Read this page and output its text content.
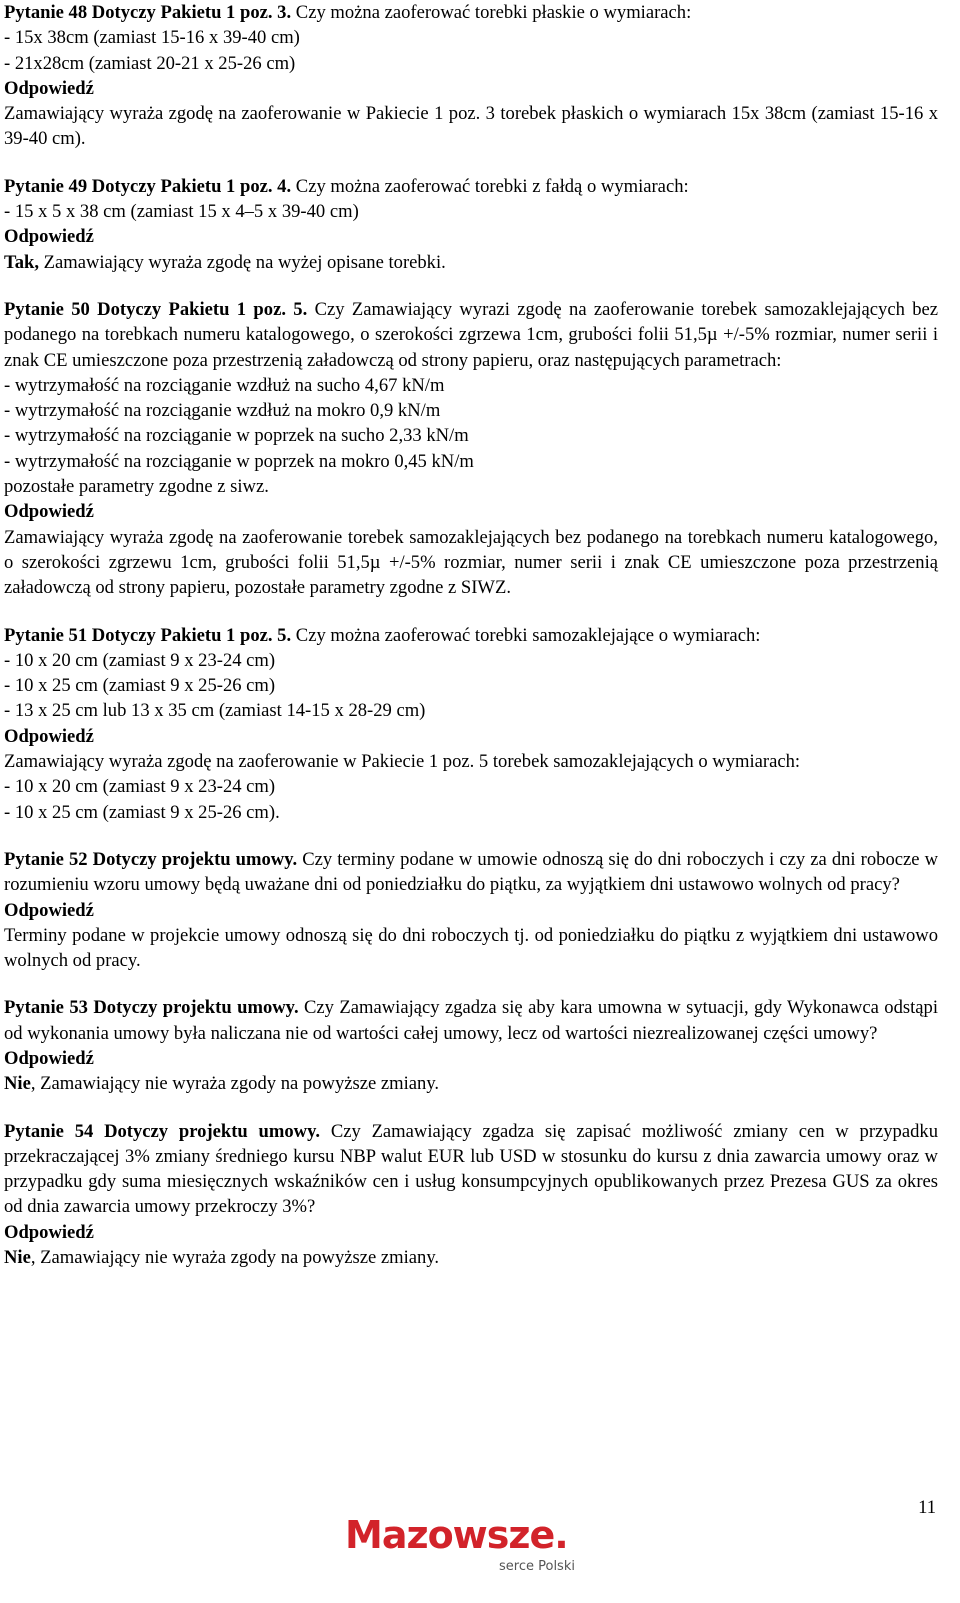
Pytanie 48 Dotyczy Pakietu 1 poz. 3. Czy można zaoferować torebki płaskie o wymiarach:
- 15x 38cm (zamiast 15-16 x 39-40 cm)
- 21x28cm (zamiast 20-21 x 25-26 cm)
Odpowiedź
Zamawiający wyraża zgodę na zaoferowanie w Pakiecie 1 poz. 3 torebek płaskich o wymiarach 15x 38cm (zamiast 15-16 x 39-40 cm).
Pytanie 49 Dotyczy Pakietu 1 poz. 4. Czy można zaoferować torebki z fałdą o wymiarach:
- 15 x 5 x 38 cm (zamiast 15 x 4–5 x 39-40 cm)
Odpowiedź
Tak, Zamawiający wyraża zgodę na wyżej opisane torebki.
Pytanie 50 Dotyczy Pakietu 1 poz. 5. Czy Zamawiający wyrazi zgodę na zaoferowanie torebek samozaklejających bez podanego na torebkach numeru katalogowego, o szerokości zgrzewa 1cm, grubości folii 51,5µ +/-5% rozmiar, numer serii i znak CE umieszczone poza przestrzenią załadowczą od strony papieru, oraz następujących parametrach:
- wytrzymałość na rozciąganie wzdłuż na sucho 4,67 kN/m
- wytrzymałość na rozciąganie wzdłuż na mokro 0,9 kN/m
- wytrzymałość na rozciąganie w poprzek na sucho 2,33 kN/m
- wytrzymałość na rozciąganie w poprzek na mokro 0,45 kN/m
pozostałe parametry zgodne z siwz.
Odpowiedź
Zamawiający wyraża zgodę na zaoferowanie torebek samozaklejających bez podanego na torebkach numeru katalogowego, o szerokości zgrzewu 1cm, grubości folii 51,5µ +/-5% rozmiar, numer serii i znak CE umieszczone poza przestrzenią załadowczą od strony papieru, pozostałe parametry zgodne z SIWZ.
Pytanie 51 Dotyczy Pakietu 1 poz. 5. Czy można zaoferować torebki samozaklejające o wymiarach:
- 10 x 20 cm (zamiast 9 x 23-24 cm)
- 10 x 25 cm (zamiast 9 x 25-26 cm)
- 13 x 25 cm lub 13 x 35 cm (zamiast 14-15 x 28-29 cm)
Odpowiedź
Zamawiający wyraża zgodę na zaoferowanie w Pakiecie 1 poz. 5 torebek samozaklejających o wymiarach:
- 10 x 20 cm (zamiast 9 x 23-24 cm)
- 10 x 25 cm (zamiast 9 x 25-26 cm).
Pytanie 52 Dotyczy projektu umowy. Czy terminy podane w umowie odnoszą się do dni roboczych i czy za dni robocze w rozumieniu wzoru umowy będą uważane dni od poniedziałku do piątku, za wyjątkiem dni ustawowo wolnych od pracy?
Odpowiedź
Terminy podane w projekcie umowy odnoszą się do dni roboczych tj. od poniedziałku do piątku z wyjątkiem dni ustawowo wolnych od pracy.
Pytanie 53 Dotyczy projektu umowy. Czy Zamawiający zgadza się aby kara umowna w sytuacji, gdy Wykonawca odstąpi od wykonania umowy była naliczana nie od wartości całej umowy, lecz od wartości niezrealizowanej części umowy?
Odpowiedź
Nie, Zamawiający nie wyraża zgody na powyższe zmiany.
Pytanie 54 Dotyczy projektu umowy. Czy Zamawiający zgadza się zapisać możliwość zmiany cen w przypadku przekraczającej 3% zmiany średniego kursu NBP walut EUR lub USD w stosunku do kursu z dnia zawarcia umowy oraz w przypadku gdy suma miesięcznych wskaźników cen i usług konsumpcyjnych opublikowanych przez Prezesa GUS za okres od dnia zawarcia umowy przekroczy 3%?
Odpowiedź
Nie, Zamawiający nie wyraża zgody na powyższe zmiany.
11
Mazowsze.
serce Polski
